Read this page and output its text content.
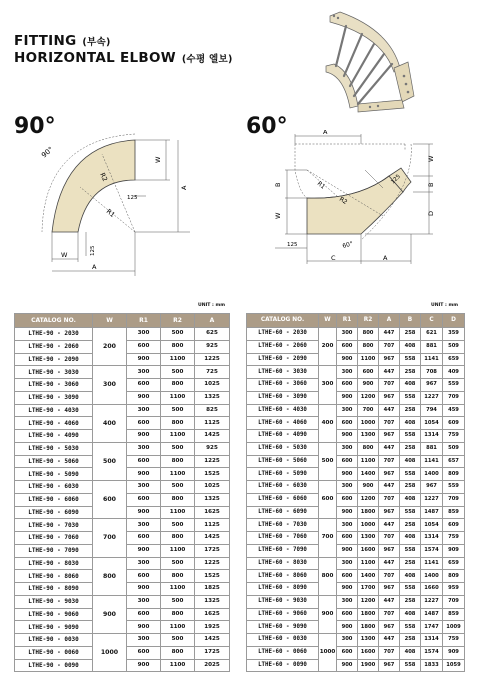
FITTING (부속)
HORIZONTAL ELBOW (수평 엘보)
90°	60°
90°
R2
R1
W
A
125
125
W
A
A
W
B
D
B
W
R1
R2
125
125	60°
C	A
UNIT : mm	UNIT : mm
CATALOG NO.	W	R1	R2	A
LTHE-90 - 2030	200	300	500	625
LTHE-90 - 2060		600	800	925
LTHE-90 - 2090		900	1100	1225
LTHE-90 - 3030	300	300	500	725
LTHE-90 - 3060		600	800	1025
LTHE-90 - 3090		900	1100	1325
LTHE-90 - 4030	400	300	500	825
LTHE-90 - 4060		600	800	1125
LTHE-90 - 4090		900	1100	1425
LTHE-90 - 5030	500	300	500	925
LTHE-90 - 5060		600	800	1225
LTHE-90 - 5090		900	1100	1525
LTHE-90 - 6030	600	300	500	1025
LTHE-90 - 6060		600	800	1325
LTHE-90 - 6090		900	1100	1625
LTHE-90 - 7030	700	300	500	1125
LTHE-90 - 7060		600	800	1425
LTHE-90 - 7090		900	1100	1725
LTHE-90 - 8030	800	300	500	1225
LTHE-90 - 8060		600	800	1525
LTHE-90 - 8090		900	1100	1825
LTHE-90 - 9030	900	300	500	1325
LTHE-90 - 9060		600	800	1625
LTHE-90 - 9090		900	1100	1925
LTHE-90 - 0030	1000	300	500	1425
LTHE-90 - 0060		600	800	1725
LTHE-90 - 0090		900	1100	2025
CATALOG NO.	W	R1	R2	A	B	C	D
LTHE-60 - 2030	200	300	800	447	258	621	359
LTHE-60 - 2060		600	800	707	408	881	509
LTHE-60 - 2090		900	1100	967	558	1141	659
LTHE-60 - 3030	300	300	600	447	258	708	409
LTHE-60 - 3060		600	900	707	408	967	559
LTHE-60 - 3090		900	1200	967	558	1227	709
LTHE-60 - 4030	400	300	700	447	258	794	459
LTHE-60 - 4060		600	1000	707	408	1054	609
LTHE-60 - 4090		900	1300	967	558	1314	759
LTHE-60 - 5030	500	300	800	447	258	881	509
LTHE-60 - 5060		600	1100	707	408	1141	657
LTHE-60 - 5090		900	1400	967	558	1400	809
LTHE-60 - 6030	600	300	900	447	258	967	559
LTHE-60 - 6060		600	1200	707	408	1227	709
LTHE-60 - 6090		900	1800	967	558	1487	859
LTHE-60 - 7030	700	300	1000	447	258	1054	609
LTHE-60 - 7060		600	1300	707	408	1314	759
LTHE-60 - 7090		900	1600	967	558	1574	909
LTHE-60 - 8030	800	300	1100	447	258	1141	659
LTHE-60 - 8060		600	1400	707	408	1400	809
LTHE-60 - 8090		900	1700	967	558	1660	959
LTHE-60 - 9030	900	300	1200	447	258	1227	709
LTHE-60 - 9060		600	1800	707	408	1487	859
LTHE-60 - 9090		900	1800	967	558	1747	1009
LTHE-60 - 0030	1000	300	1300	447	258	1314	759
LTHE-60 - 0060		600	1600	707	408	1574	909
LTHE-60 - 0090		900	1900	967	558	1833	1059
